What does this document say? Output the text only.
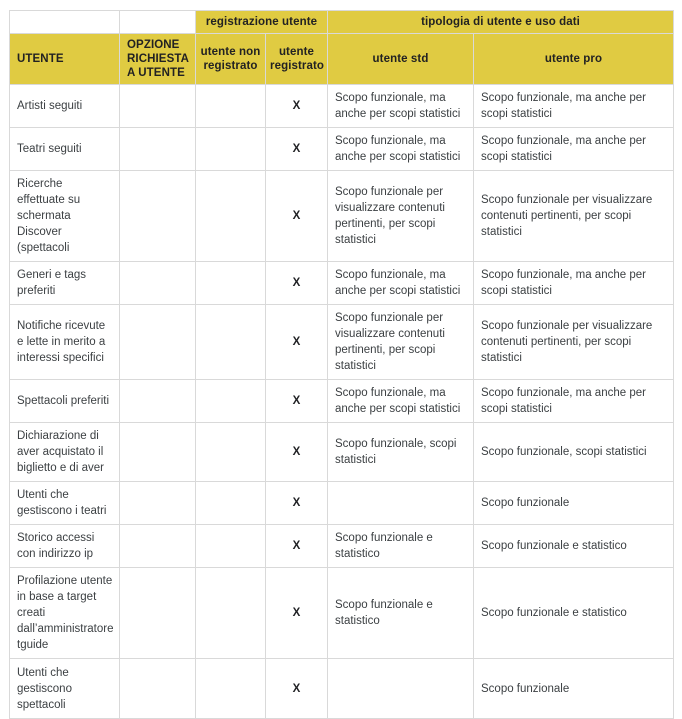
		registrazione utente		tipologia di utente e uso dati	

UTENTE	OPZIONE RICHIESTA A UTENTE	utente non registrato	utente registrato	utente std	utente pro

Artisti seguiti			X	Scopo funzionale, ma anche per scopi statistici	Scopo funzionale, ma anche per scopi statistici

Teatri seguiti			X	Scopo funzionale, ma anche per scopi statistici	Scopo funzionale, ma anche per scopi statistici

Ricerche effettuate su schermata Discover (spettacoli			X	Scopo funzionale per visualizzare contenuti pertinenti, per scopi statistici	Scopo funzionale per visualizzare contenuti pertinenti, per scopi statistici

Generi e tags preferiti			X	Scopo funzionale, ma anche per scopi statistici	Scopo funzionale, ma anche per scopi statistici

Notifiche ricevute e lette in merito a interessi specifici			X	Scopo funzionale per visualizzare contenuti pertinenti, per scopi statistici	Scopo funzionale per visualizzare contenuti pertinenti, per scopi statistici

Spettacoli preferiti			X	Scopo funzionale, ma anche per scopi statistici	Scopo funzionale, ma anche per scopi statistici

Dichiarazione di aver acquistato il biglietto e di aver			X	Scopo funzionale, scopi statistici	Scopo funzionale, scopi statistici

Utenti che gestiscono i teatri			X		Scopo funzionale

Storico accessi con indirizzo ip			X	Scopo funzionale e statistico	Scopo funzionale e statistico

Profilazione utente in base a target creati dall’amministratore tguide			X	Scopo funzionale e statistico	Scopo funzionale e statistico

Utenti che gestiscono spettacoli			X		Scopo funzionale
